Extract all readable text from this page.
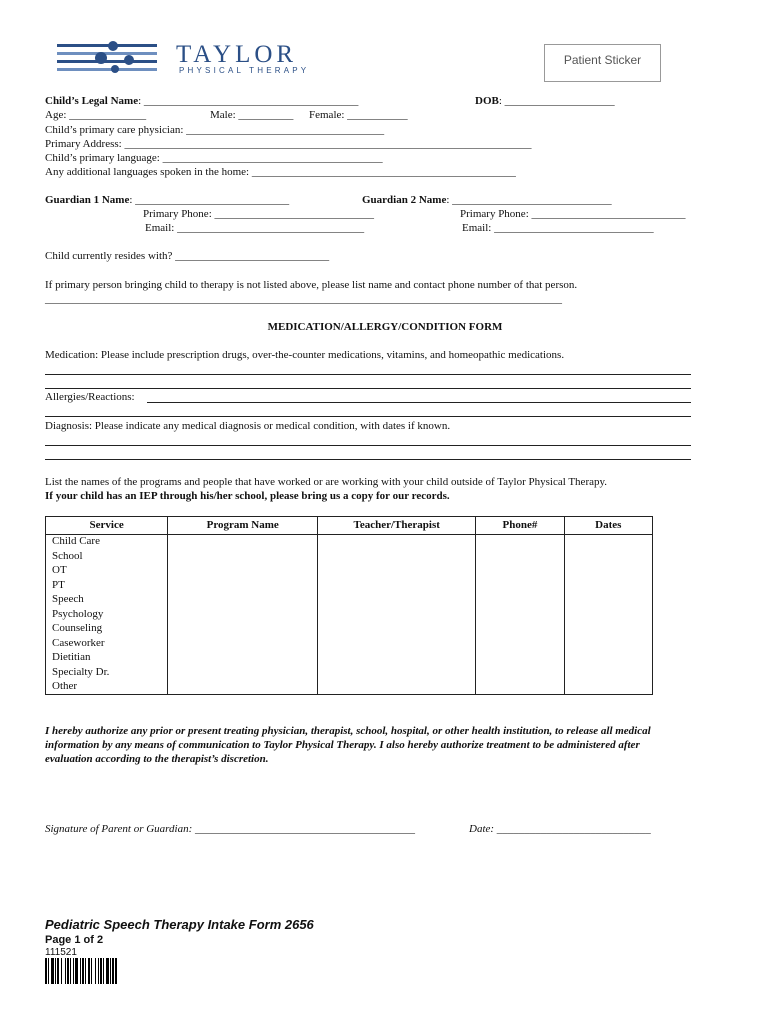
TAYLOR
PHYSICAL THERAPY
Patient Sticker
Child’s Legal Name: _______________________________________	DOB: ____________________
Age: ______________	Male: __________ Female: ___________
Child’s primary care physician: ____________________________________
Primary Address: __________________________________________________________________________
Child’s primary language: ________________________________________
Any additional languages spoken in the home: ________________________________________________
Guardian 1 Name: ____________________________
Primary Phone: _____________________________
Email: __________________________________
Guardian 2 Name: _____________________________
Primary Phone: ____________________________
Email: _____________________________
Child currently resides with? ____________________________
If primary person bringing child to therapy is not listed above, please list name and contact phone number of that person.
______________________________________________________________________________________________
MEDICATION/ALLERGY/CONDITION FORM
Medication: Please include prescription drugs, over-the-counter medications, vitamins, and homeopathic medications.
Allergies/Reactions:
Diagnosis: Please indicate any medical diagnosis or medical condition, with dates if known.
List the names of the programs and people that have worked or are working with your child outside of Taylor Physical Therapy.
If your child has an IEP through his/her school, please bring us a copy for our records.
Service	Program Name	Teacher/Therapist	Phone#	Dates
Child Care				
School				
OT				
PT				
Speech				
Psychology				
Counseling				
Caseworker				
Dietitian				
Specialty Dr.				
Other				
I hereby authorize any prior or present treating physician, therapist, school, hospital, or other health institution, to release all medical
information by any means of communication to Taylor Physical Therapy. I also hereby authorize treatment to be administered after
evaluation according to the therapist’s discretion.
Signature of Parent or Guardian: ________________________________________	Date: ____________________________
Pediatric Speech Therapy Intake Form 2656
Page 1 of 2
111521
